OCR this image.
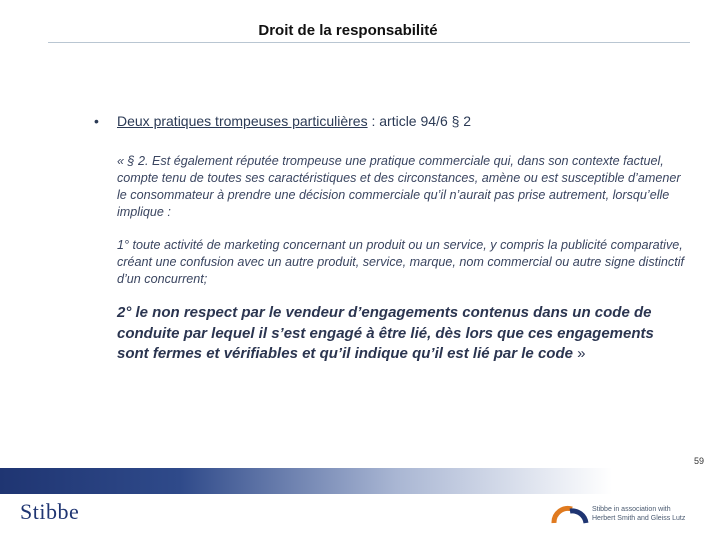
Droit de la responsabilité
• Deux pratiques trompeuses particulières : article 94/6 § 2
« § 2. Est également réputée trompeuse une pratique commerciale qui, dans son contexte factuel, compte tenu de toutes ses caractéristiques et des circonstances, amène ou est susceptible d’amener le consommateur à prendre une décision commerciale qu’il n’aurait pas prise autrement, lorsqu’elle implique :
1° toute activité de marketing concernant un produit ou un service, y compris la publicité comparative, créant une confusion avec un autre produit, service, marque, nom commercial ou autre signe distinctif d’un concurrent;
2° le non respect par le vendeur d’engagements contenus dans un code de conduite par lequel il s’est engagé à être lié, dès lors que ces engagements sont fermes et vérifiables et qu’il indique qu’il est lié par le code »
59
Stibbe	Stibbe in association with
Herbert Smith and Gleiss Lutz
